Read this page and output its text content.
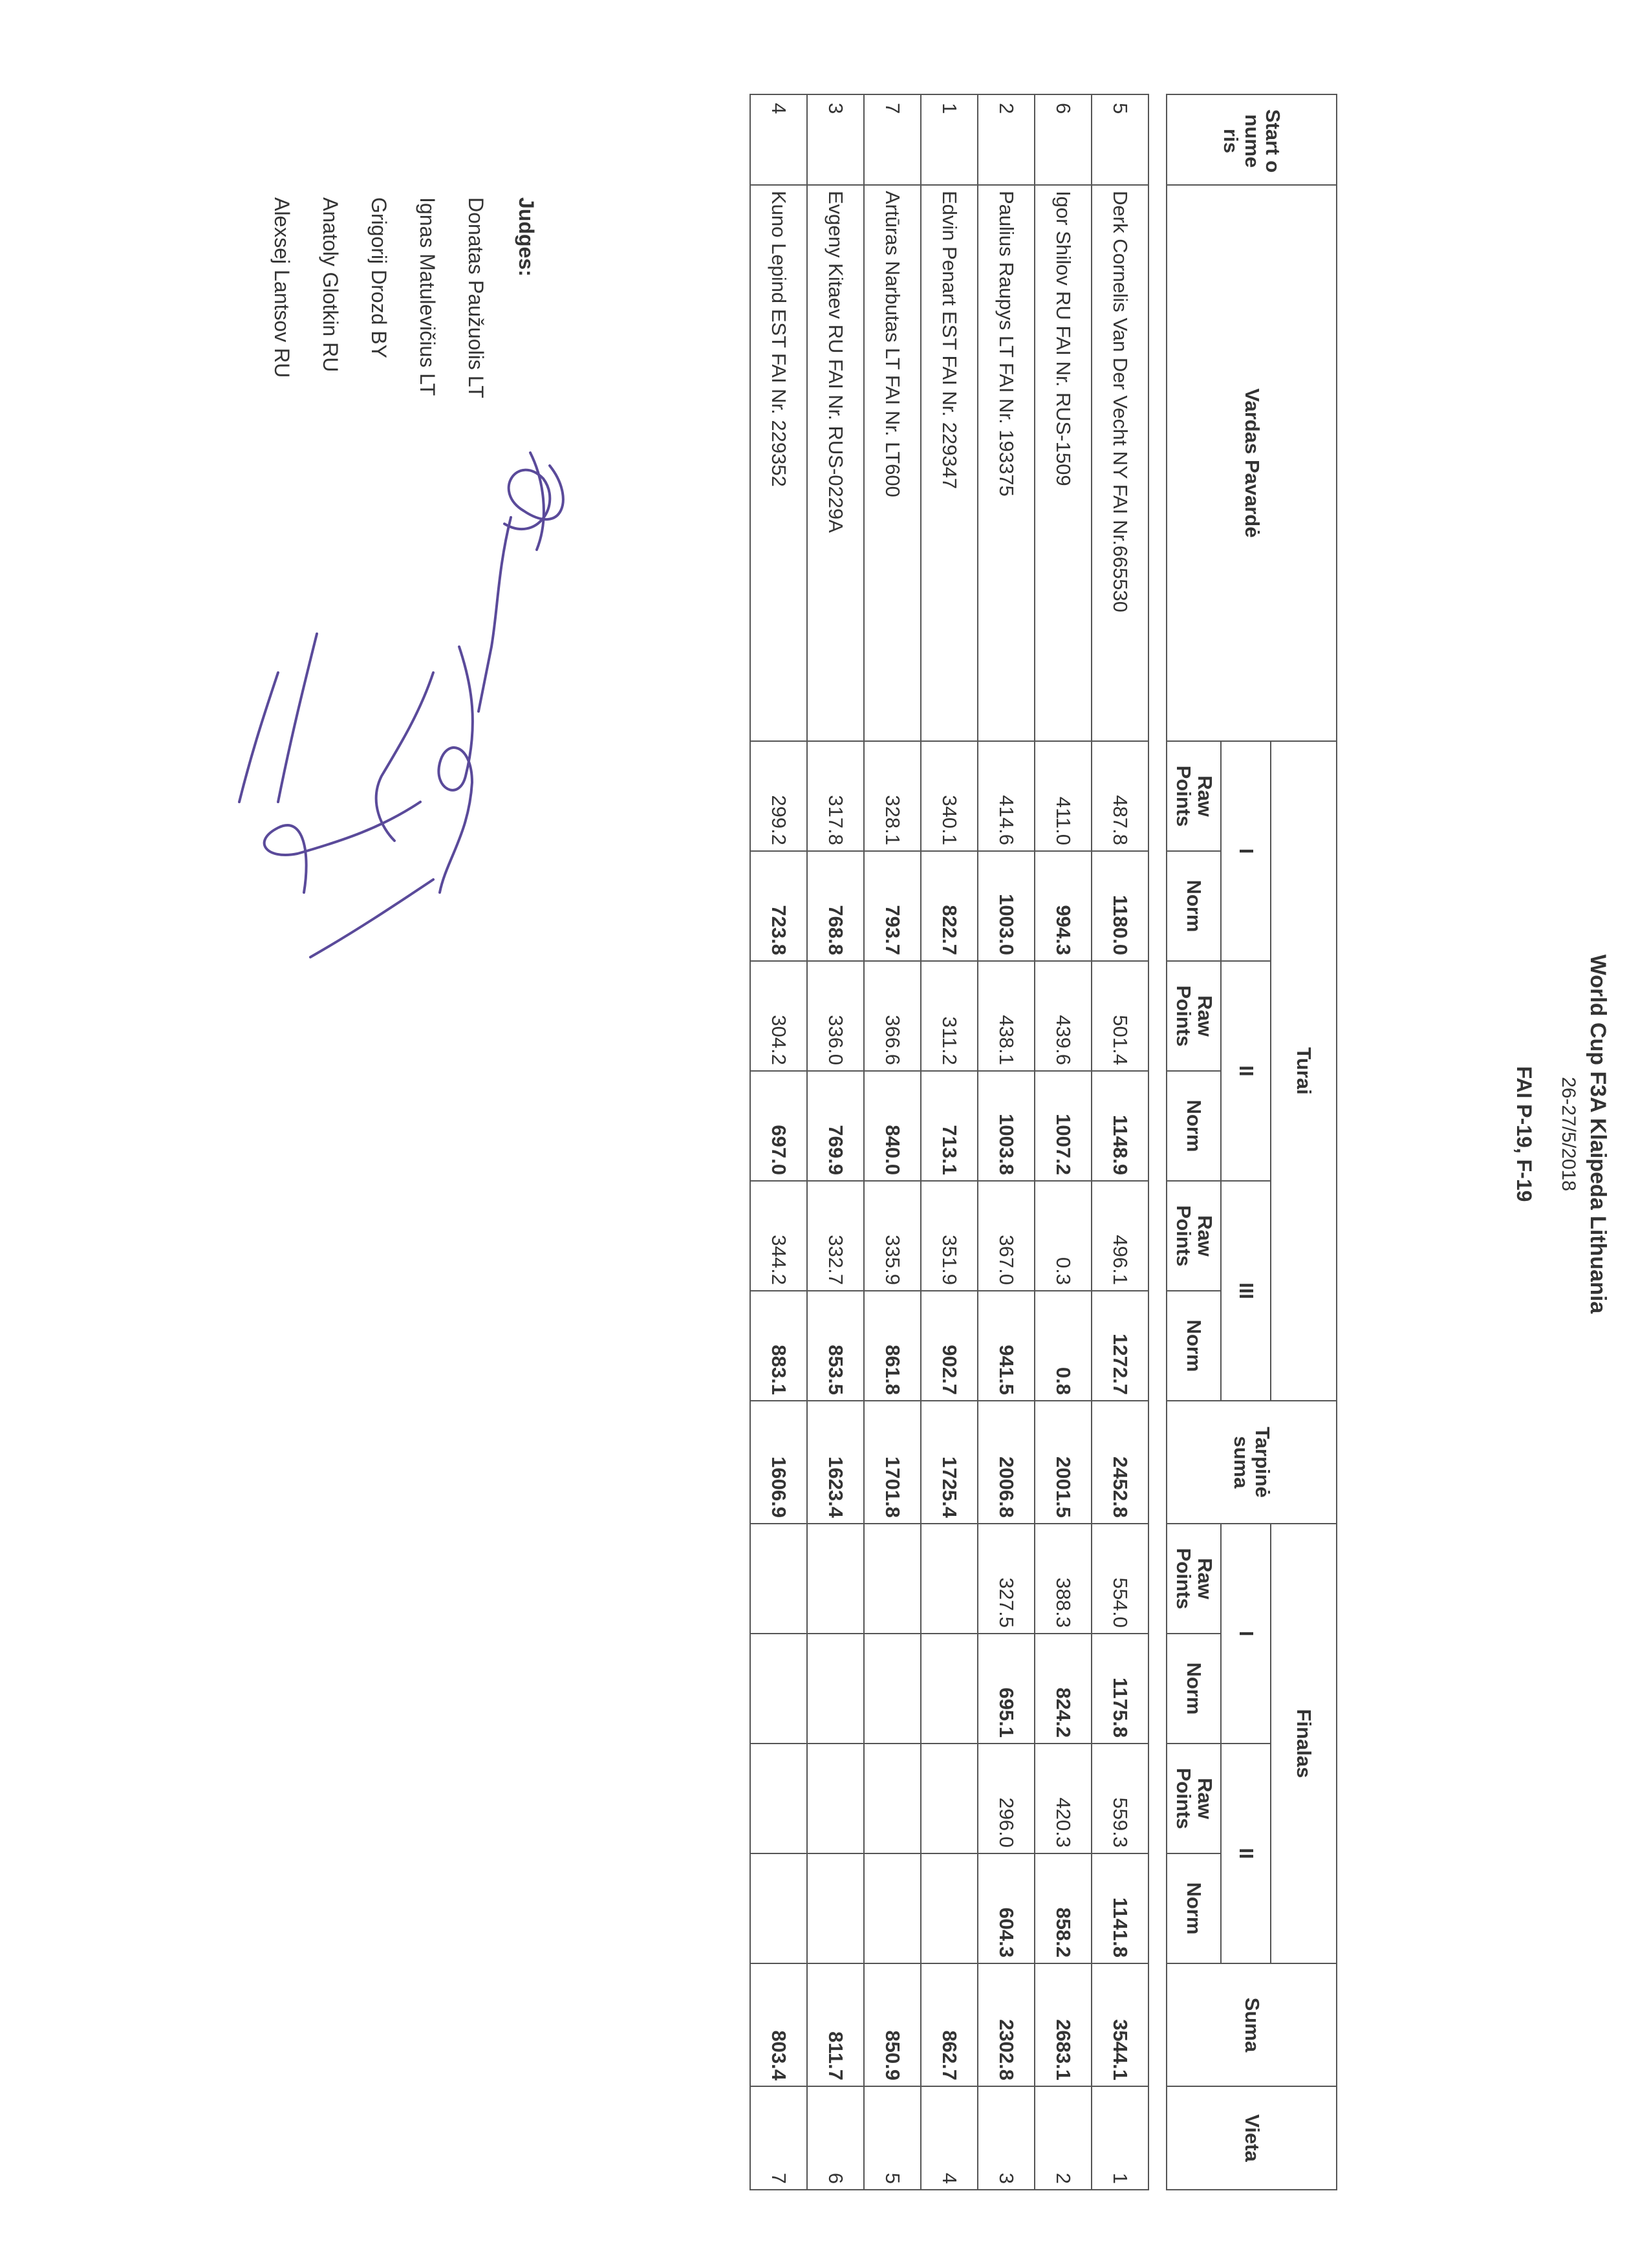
World Cup F3A Klaipeda Lithuania
26-27/5/2018
FAI P-19, F-19
Start o nume ris	Vardas Pavardė	Turai						Tarpinė suma	Finalas				Suma	Vieta
		I		II		III			I		II			
		Raw Points	Norm	Raw Points	Norm	Raw Points	Norm		Raw Points	Norm	Raw Points	Norm		

5	Derk Cornelis Van Der Vecht NY FAI Nr.665530	487.8	1180.0	501.4	1148.9	496.1	1272.7	2452.8	554.0	1175.8	559.3	1141.8	3544.1	1
6	Igor Shilov RU FAI Nr. RUS-1509	411.0	994.3	439.6	1007.2	0.3	0.8	2001.5	388.3	824.2	420.3	858.2	2683.1	2
2	Paulius Raupys LT FAI Nr. 193375	414.6	1003.0	438.1	1003.8	367.0	941.5	2006.8	327.5	695.1	296.0	604.3	2302.8	3
1	Edvin Penart EST FAI Nr. 229347	340.1	822.7	311.2	713.1	351.9	902.7	1725.4					862.7	4
7	Artūras Narbutas LT FAI Nr. LT600	328.1	793.7	366.6	840.0	335.9	861.8	1701.8					850.9	5
3	Evgeny Kitaev RU FAI Nr. RUS-0229A	317.8	768.8	336.0	769.9	332.7	853.5	1623.4					811.7	6
4	Kuno Lepind EST FAI Nr. 229352	299.2	723.8	304.2	697.0	344.2	883.1	1606.9					803.4	7
Judges:
Donatas Paužuolis LT
Ignas Matulevičius LT
Grigorij Drozd BY
Anatoly Glotkin RU
Alexsej Lantsov RU
